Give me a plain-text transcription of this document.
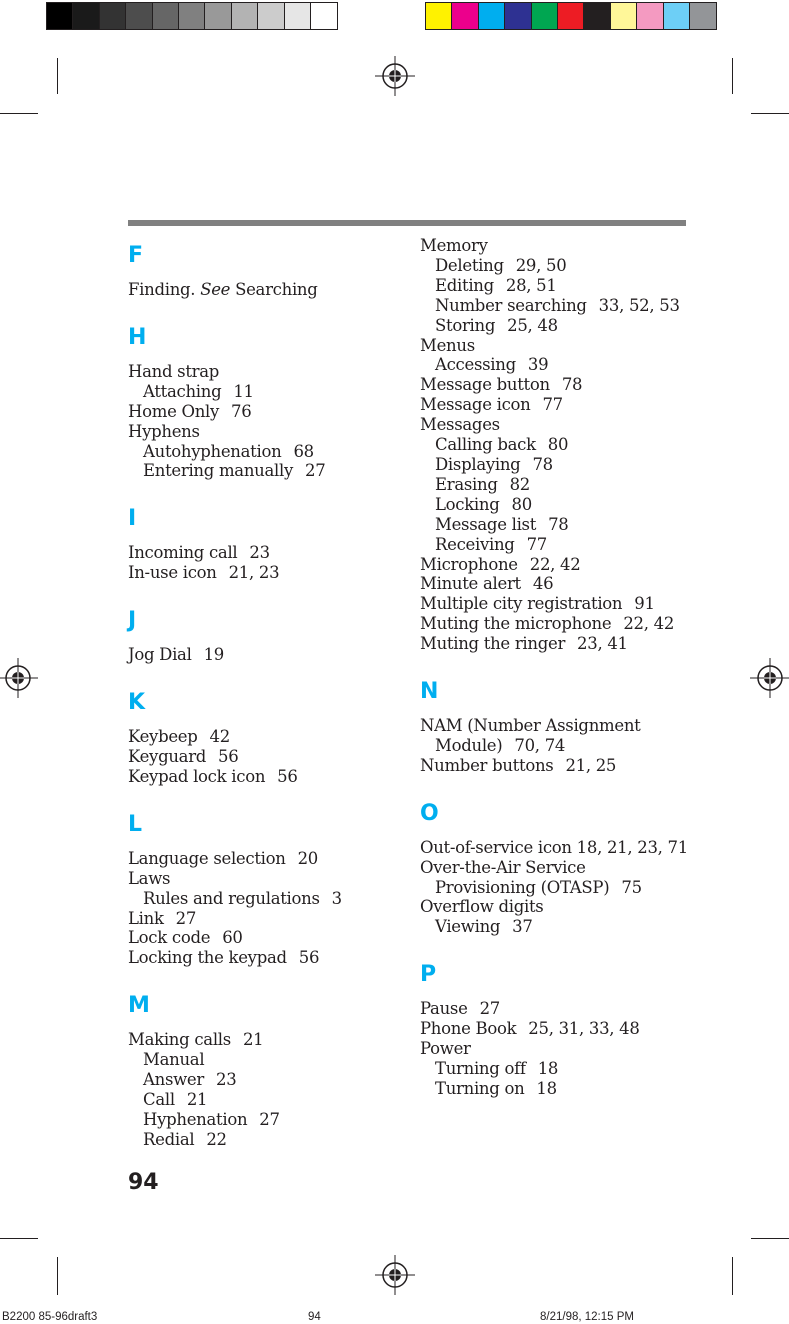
F
Finding. See Searching
H
Hand strap
Attaching 11
Home Only 76
Hyphens
Autohyphenation 68
Entering manually 27
I
Incoming call 23
In-use icon 21, 23
J
Jog Dial 19
K
Keybeep 42
Keyguard 56
Keypad lock icon 56
L
Language selection 20
Laws
Rules and regulations 3
Link 27
Lock code 60
Locking the keypad 56
M
Making calls 21
Manual
Answer 23
Call 21
Hyphenation 27
Redial 22
Memory
Deleting 29, 50
Editing 28, 51
Number searching 33, 52, 53
Storing 25, 48
Menus
Accessing 39
Message button 78
Message icon 77
Messages
Calling back 80
Displaying 78
Erasing 82
Locking 80
Message list 78
Receiving 77
Microphone 22, 42
Minute alert 46
Multiple city registration 91
Muting the microphone 22, 42
Muting the ringer 23, 41
N
NAM (Number Assignment
Module) 70, 74
Number buttons 21, 25
O
Out-of-service icon 18, 21, 23, 71
Over-the-Air Service
Provisioning (OTASP) 75
Overflow digits
Viewing 37
P
Pause 27
Phone Book 25, 31, 33, 48
Power
Turning off 18
Turning on 18
94
B2200 85-96draft3	94	8/21/98, 12:15 PM
